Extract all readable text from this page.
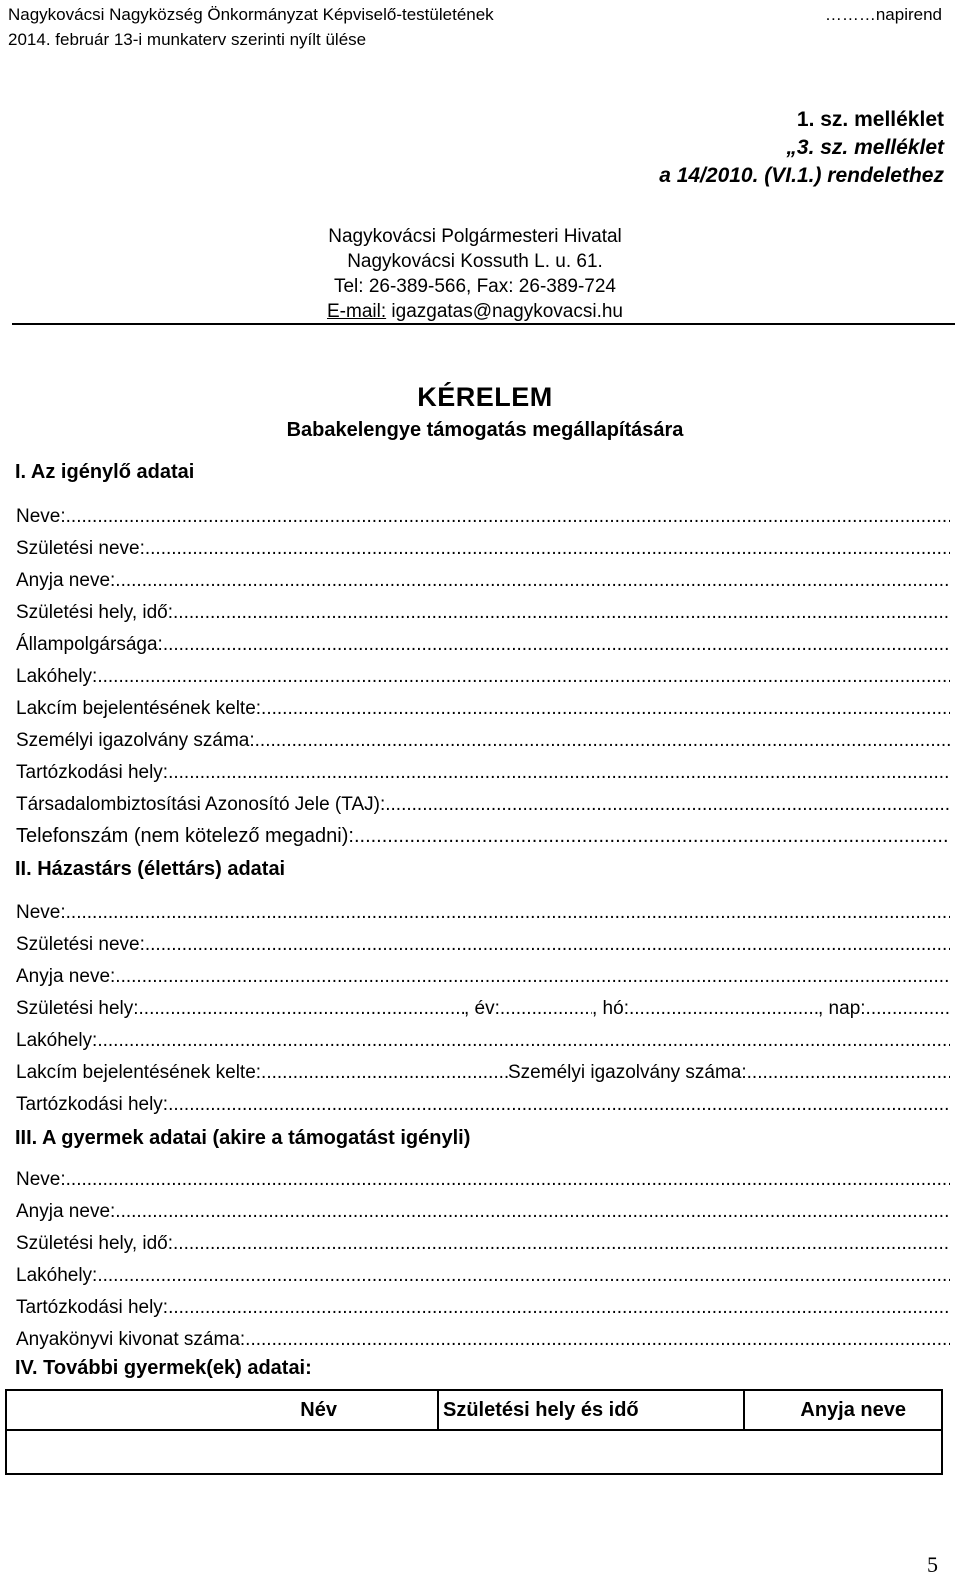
Nagykovácsi Nagyközség Önkormányzat Képviselő-testületének
2014. február 13-i munkaterv szerinti nyílt ülése
………napirend
1. sz. melléklet
„3. sz. melléklet
a 14/2010. (VI.1.) rendelethez
Nagykovácsi Polgármesteri Hivatal
Nagykovácsi Kossuth L. u. 61.
Tel: 26-389-566, Fax: 26-389-724
E-mail: igazgatas@nagykovacsi.hu
KÉRELEM
Babakelengye támogatás megállapítására
I. Az igénylő adatai
Neve:
.....
Születési neve:
.....
Anyja neve:
.....
Születési hely, idő:
.....
Állampolgársága:
.....
Lakóhely:
.....
Lakcím bejelentésének kelte:
.....
Személyi igazolvány száma:
.....
Tartózkodási hely:
.....
Társadalombiztosítási Azonosító Jele (TAJ):
.....
Telefonszám (nem kötelező megadni):
.....
II. Házastárs (élettárs) adatai
Neve:
.....
Születési neve:
.....
Anyja neve:
.....
Születési hely: .....	, év: .....	, hó: .....	, nap:
.....
Lakóhely:
.....
Lakcím bejelentésének kelte: .....	Személyi igazolvány száma:
.....
Tartózkodási hely:
.....
III. A gyermek adatai (akire a támogatást igényli)
Neve:
.....
Anyja neve:
.....
Születési hely, idő:
.....
Lakóhely:
.....
Tartózkodási hely:
.....
Anyakönyvi kivonat száma:
.....
IV. További gyermek(ek) adatai:
Név	Születési hely és idő	Anyja neve

5
